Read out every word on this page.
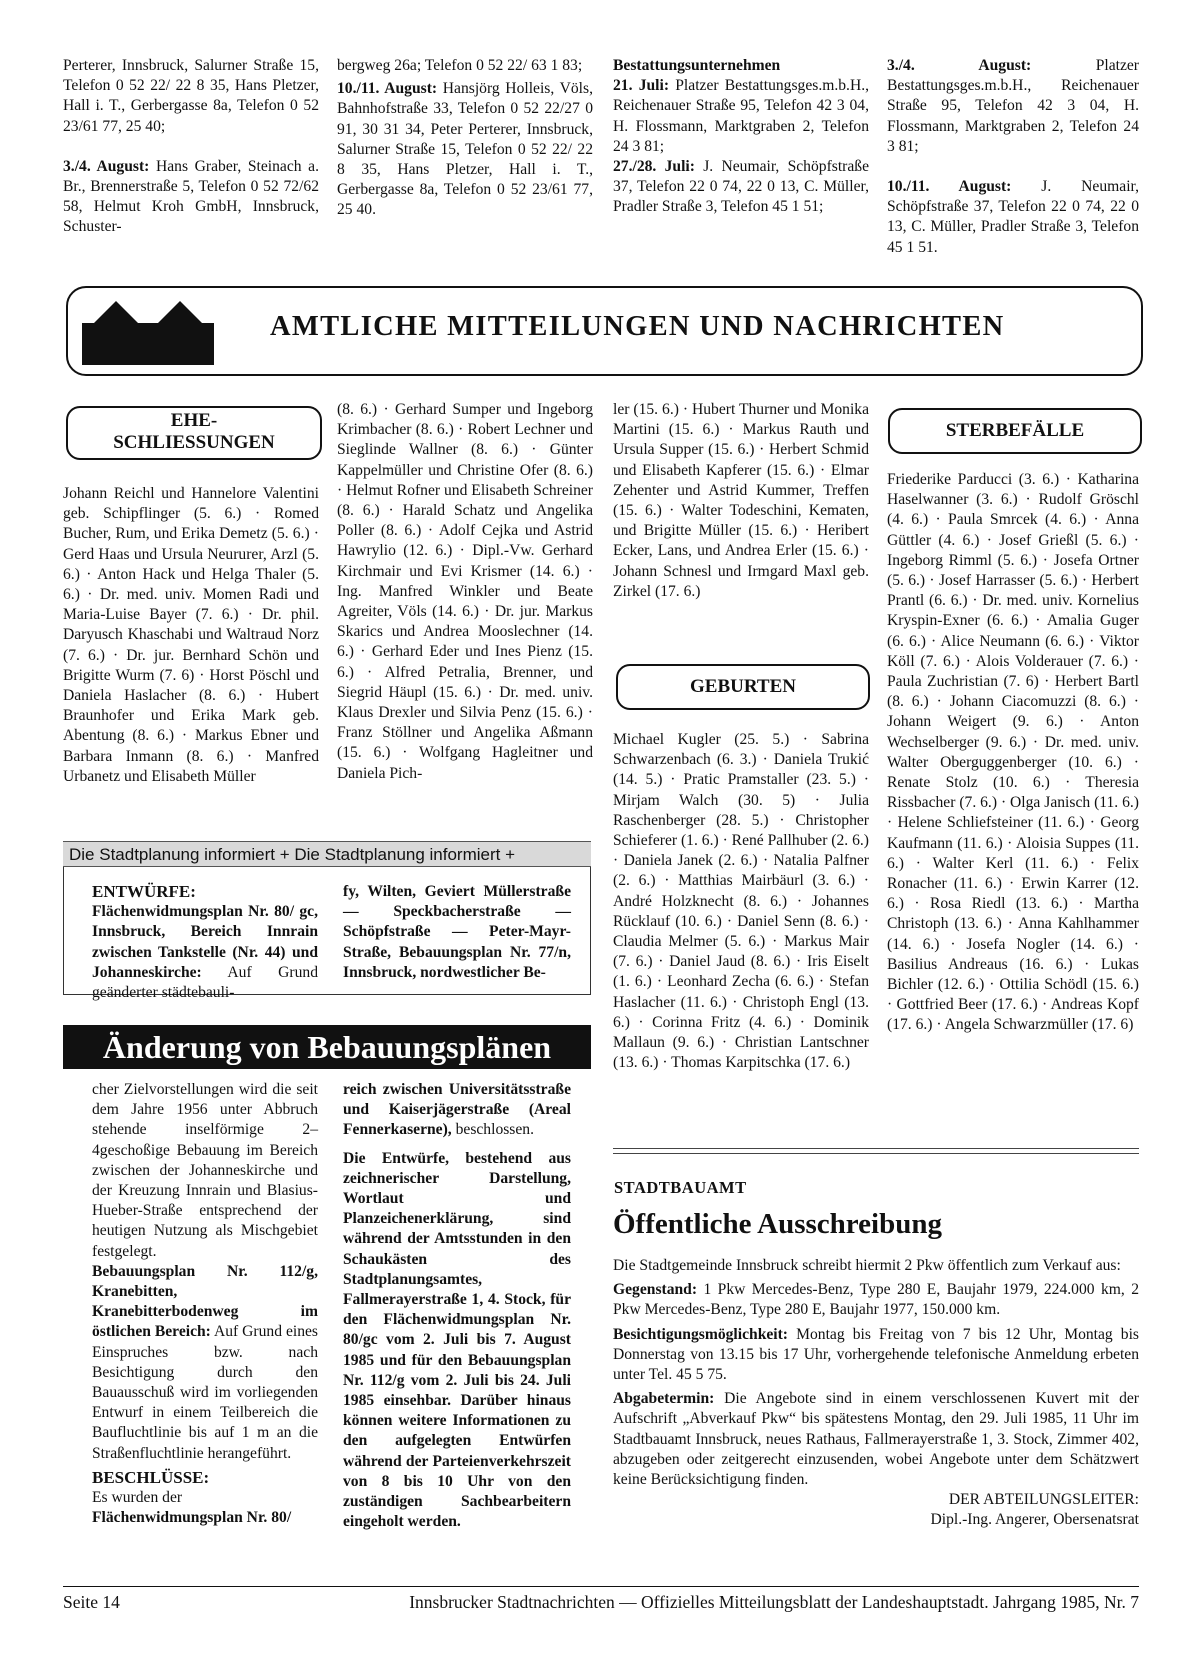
Perterer, Innsbruck, Salurner Straße 15, Telefon 0 52 22/ 22 8 35, Hans Pletzer, Hall i. T., Gerbergasse 8a, Telefon 0 52 23/61 77, 25 40;

3./4. August: Hans Graber, Steinach a. Br., Brennerstraße 5, Telefon 0 52 72/62 58, Helmut Kroh GmbH, Innsbruck, Schuster-

bergweg 26a; Telefon 0 52 22/ 63 1 83;

10./11. August: Hansjörg Holleis, Völs, Bahnhofstraße 33, Telefon 0 52 22/27 0 91, 30 31 34, Peter Perterer, Innsbruck, Salurner Straße 15, Telefon 0 52 22/ 22 8 35, Hans Pletzer, Hall i. T., Gerbergasse 8a, Telefon 0 52 23/61 77, 25 40.

Bestattungsunternehmen

21. Juli: Platzer Bestattungsges.m.b.H., Reichenauer Straße 95, Telefon 42 3 04, H. Flossmann, Marktgraben 2, Telefon 24 3 81;

27./28. Juli: J. Neumair, Schöpfstraße 37, Telefon 22 0 74, 22 0 13, C. Müller, Pradler Straße 3, Telefon 45 1 51;

3./4. August: Platzer Bestattungsges.m.b.H., Reichenauer Straße 95, Telefon 42 3 04, H. Flossmann, Marktgraben 2, Telefon 24 3 81;

10./11. August: J. Neumair, Schöpfstraße 37, Telefon 22 0 74, 22 0 13, C. Müller, Pradler Straße 3, Telefon 45 1 51.

AMTLICHE MITTEILUNGEN UND NACHRICHTEN
EHE-
SCHLIESSUNGEN

Johann Reichl und Hannelore Valentini geb. Schipflinger (5. 6.) · Romed Bucher, Rum, und Erika Demetz (5. 6.) · Gerd Haas und Ursula Neururer, Arzl (5. 6.) · Anton Hack und Helga Thaler (5. 6.) · Dr. med. univ. Momen Radi und Maria-Luise Bayer (7. 6.) · Dr. phil. Daryusch Khaschabi und Waltraud Norz (7. 6.) · Dr. jur. Bernhard Schön und Brigitte Wurm (7. 6) · Horst Pöschl und Daniela Haslacher (8. 6.) · Hubert Braunhofer und Erika Mark geb. Abentung (8. 6.) · Markus Ebner und Barbara Inmann (8. 6.) · Manfred Urbanetz und Elisabeth Müller

(8. 6.) · Gerhard Sumper und Ingeborg Krimbacher (8. 6.) · Robert Lechner und Sieglinde Wallner (8. 6.) · Günter Kappelmüller und Christine Ofer (8. 6.) · Helmut Rofner und Elisabeth Schreiner (8. 6.) · Harald Schatz und Angelika Poller (8. 6.) · Adolf Cejka und Astrid Hawrylio (12. 6.) · Dipl.-Vw. Gerhard Kirchmair und Evi Krismer (14. 6.) · Ing. Manfred Winkler und Beate Agreiter, Völs (14. 6.) · Dr. jur. Markus Skarics und Andrea Mooslechner (14. 6.) · Gerhard Eder und Ines Pienz (15. 6.) · Alfred Petralia, Brenner, und Siegrid Häupl (15. 6.) · Dr. med. univ. Klaus Drexler und Silvia Penz (15. 6.) · Franz Stöllner und Angelika Aßmann (15. 6.) · Wolfgang Hagleitner und Daniela Pich-

ler (15. 6.) · Hubert Thurner und Monika Martini (15. 6.) · Markus Rauth und Ursula Supper (15. 6.) · Herbert Schmid und Elisabeth Kapferer (15. 6.) · Elmar Zehenter und Astrid Kummer, Treffen (15. 6.) · Walter Todeschini, Kematen, und Brigitte Müller (15. 6.) · Heribert Ecker, Lans, und Andrea Erler (15. 6.) · Johann Schnesl und Irmgard Maxl geb. Zirkel (17. 6.)

GEBURTEN

Michael Kugler (25. 5.) · Sabrina Schwarzenbach (6. 3.) · Daniela Trukić (14. 5.) · Pratic Pramstaller (23. 5.) · Mirjam Walch (30. 5) · Julia Raschenberger (28. 5.) · Christopher Schieferer (1. 6.) · René Pallhuber (2. 6.) · Daniela Janek (2. 6.) · Natalia Palfner (2. 6.) · Matthias Mairbäurl (3. 6.) · André Holzknecht (8. 6.) · Johannes Rücklauf (10. 6.) · Daniel Senn (8. 6.) · Claudia Melmer (5. 6.) · Markus Mair (7. 6.) · Daniel Jaud (8. 6.) · Iris Eiselt (1. 6.) · Leonhard Zecha (6. 6.) · Stefan Haslacher (11. 6.) · Christoph Engl (13. 6.) · Corinna Fritz (4. 6.) · Dominik Mallaun (9. 6.) · Christian Lantschner (13. 6.) · Thomas Karpitschka (17. 6.)

STERBEFÄLLE

Friederike Parducci (3. 6.) · Katharina Haselwanner (3. 6.) · Rudolf Gröschl (4. 6.) · Paula Smrcek (4. 6.) · Anna Güttler (4. 6.) · Josef Grießl (5. 6.) · Ingeborg Rimml (5. 6.) · Josefa Ortner (5. 6.) · Josef Harrasser (5. 6.) · Herbert Prantl (6. 6.) · Dr. med. univ. Kornelius Kryspin-Exner (6. 6.) · Amalia Guger (6. 6.) · Alice Neumann (6. 6.) · Viktor Köll (7. 6.) · Alois Volderauer (7. 6.) · Paula Zuchristian (7. 6) · Herbert Bartl (8. 6.) · Johann Ciacomuzzi (8. 6.) · Johann Weigert (9. 6.) · Anton Wechselberger (9. 6.) · Dr. med. univ. Walter Oberguggenberger (10. 6.) · Renate Stolz (10. 6.) · Theresia Rissbacher (7. 6.) · Olga Janisch (11. 6.) · Helene Schliefsteiner (11. 6.) · Georg Kaufmann (11. 6.) · Aloisia Suppes (11. 6.) · Walter Kerl (11. 6.) · Felix Ronacher (11. 6.) · Erwin Karrer (12. 6.) · Rosa Riedl (13. 6.) · Martha Christoph (13. 6.) · Anna Kahlhammer (14. 6.) · Josefa Nogler (14. 6.) · Basilius Andreaus (16. 6.) · Lukas Bichler (12. 6.) · Ottilia Schödl (15. 6.) · Gottfried Beer (17. 6.) · Andreas Kopf (17. 6.) · Angela Schwarzmüller (17. 6)

Die Stadtplanung informiert + Die Stadtplanung informiert +

ENTWÜRFE:

Flächenwidmungsplan Nr. 80/ gc, Innsbruck, Bereich Innrain zwischen Tankstelle (Nr. 44) und Johanneskirche: Auf Grund geänderter städtebauli-

fy, Wilten, Geviert Müllerstraße — Speckbacherstraße — Schöpfstraße — Peter-Mayr-Straße, Bebauungsplan Nr. 77/n, Innsbruck, nordwestlicher Be-

Änderung von Bebauungsplänen

cher Zielvorstellungen wird die seit dem Jahre 1956 unter Abbruch stehende inselförmige 2–4geschoßige Bebauung im Bereich zwischen der Johanneskirche und der Kreuzung Innrain und Blasius-Hueber-Straße entsprechend der heutigen Nutzung als Mischgebiet festgelegt.

Bebauungsplan Nr. 112/g, Kranebitten, Kranebitterbodenweg im östlichen Bereich: Auf Grund eines Einspruches bzw. nach Besichtigung durch den Bauausschuß wird im vorliegenden Entwurf in einem Teilbereich die Baufluchtlinie bis auf 1 m an die Straßenfluchtlinie herangeführt.

BESCHLÜSSE:

Es wurden der

Flächenwidmungsplan Nr. 80/

reich zwischen Universitätsstraße und Kaiserjägerstraße (Areal Fennerkaserne), beschlossen.

Die Entwürfe, bestehend aus zeichnerischer Darstellung, Wortlaut und Planzeichenerklärung, sind während der Amtsstunden in den Schaukästen des Stadtplanungsamtes, Fallmerayerstraße 1, 4. Stock, für den Flächenwidmungsplan Nr. 80/gc vom 2. Juli bis 7. August 1985 und für den Bebauungsplan Nr. 112/g vom 2. Juli bis 24. Juli 1985 einsehbar. Darüber hinaus können weitere Informationen zu den aufgelegten Entwürfen während der Parteienverkehrszeit von 8 bis 10 Uhr von den zuständigen Sachbearbeitern eingeholt werden.

STADTBAUAMT
Öffentliche Ausschreibung

Die Stadtgemeinde Innsbruck schreibt hiermit 2 Pkw öffentlich zum Verkauf aus:

Gegenstand: 1 Pkw Mercedes-Benz, Type 280 E, Baujahr 1979, 224.000 km, 2 Pkw Mercedes-Benz, Type 280 E, Baujahr 1977, 150.000 km.

Besichtigungsmöglichkeit: Montag bis Freitag von 7 bis 12 Uhr, Montag bis Donnerstag von 13.15 bis 17 Uhr, vorhergehende telefonische Anmeldung erbeten unter Tel. 45 5 75.

Abgabetermin: Die Angebote sind in einem verschlossenen Kuvert mit der Aufschrift „Abverkauf Pkw“ bis spätestens Montag, den 29. Juli 1985, 11 Uhr im Stadtbauamt Innsbruck, neues Rathaus, Fallmerayerstraße 1, 3. Stock, Zimmer 402, abzugeben oder zeitgerecht einzusenden, wobei Angebote unter dem Schätzwert keine Berücksichtigung finden.

DER ABTEILUNGSLEITER:

Dipl.-Ing. Angerer, Obersenatsrat

Seite 14	Innsbrucker Stadtnachrichten — Offizielles Mitteilungsblatt der Landeshauptstadt. Jahrgang 1985, Nr. 7
